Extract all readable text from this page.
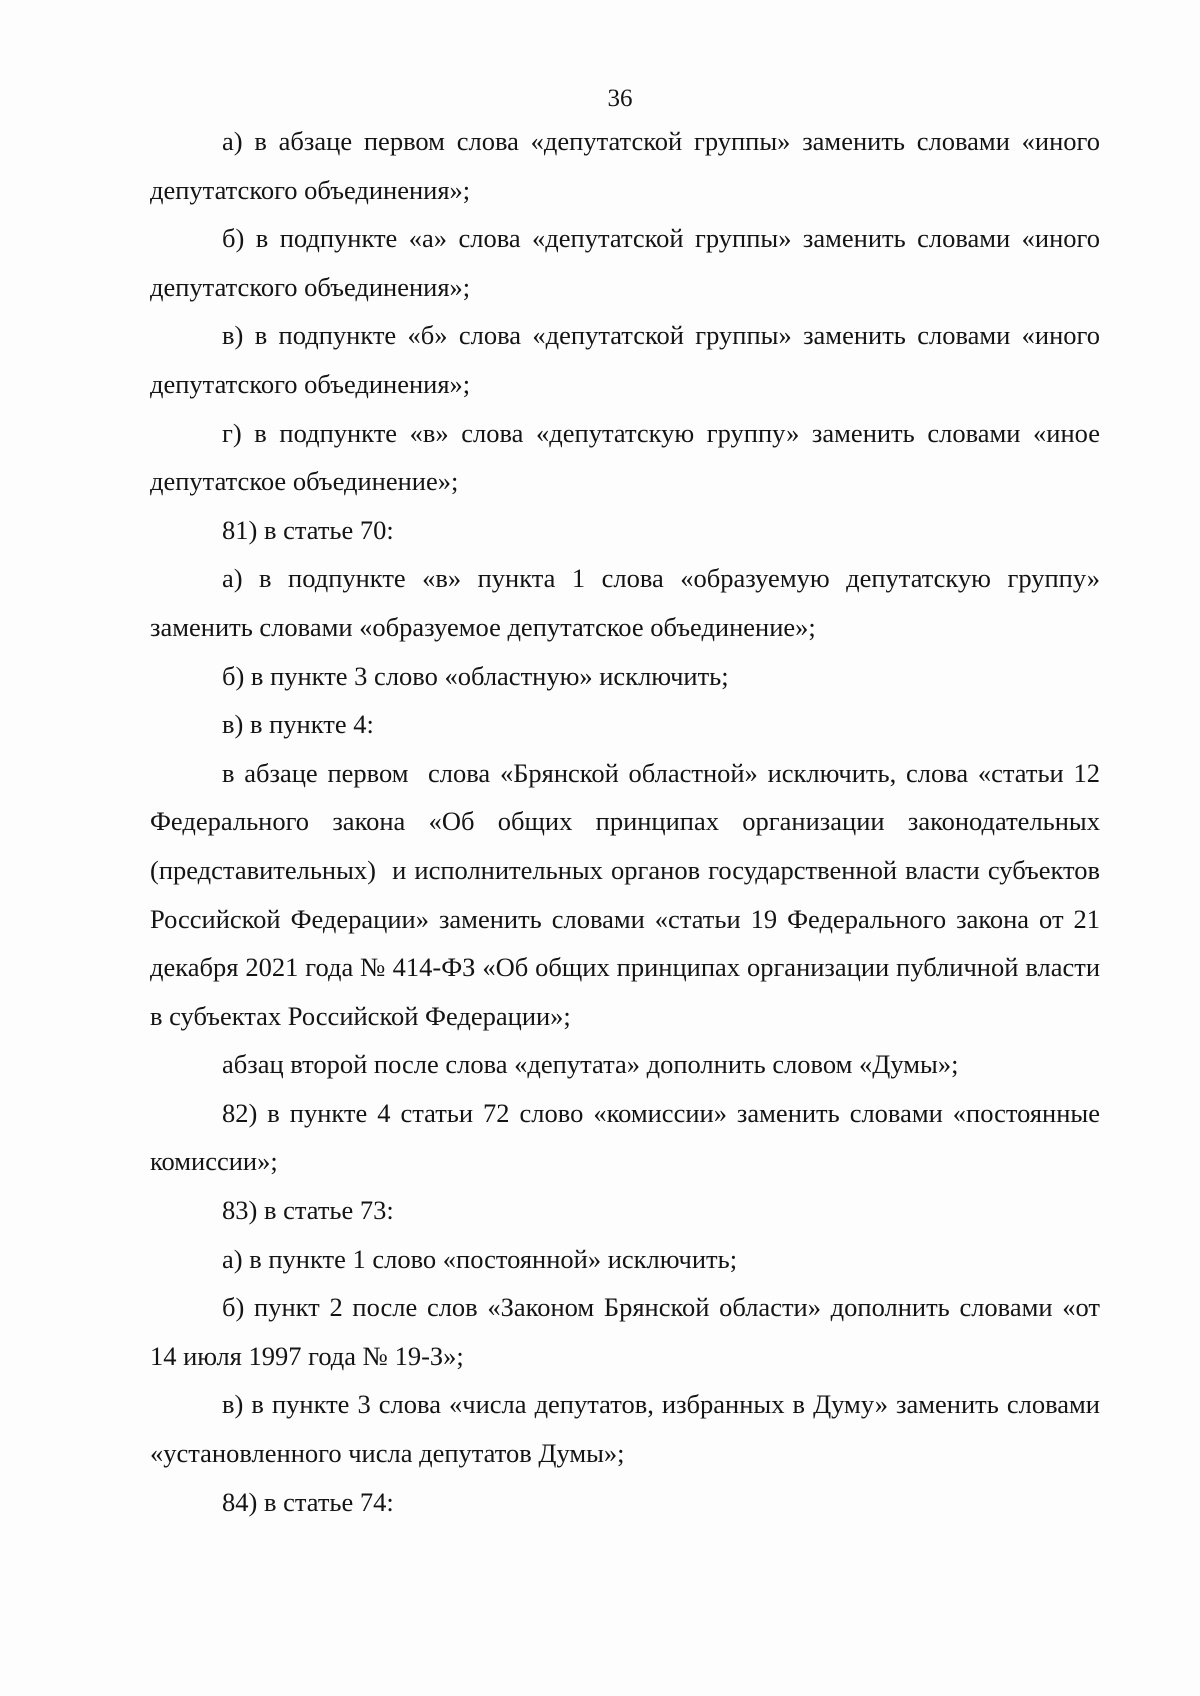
36

а) в абзаце первом слова «депутатской группы» заменить словами «иного депутатского объединения»;

б) в подпункте «а» слова «депутатской группы» заменить словами «иного депутатского объединения»;

в) в подпункте «б» слова «депутатской группы» заменить словами «иного депутатского объединения»;

г) в подпункте «в» слова «депутатскую группу» заменить словами «иное депутатское объединение»;

81) в статье 70:

а) в подпункте «в» пункта 1 слова «образуемую депутатскую группу» заменить словами «образуемое депутатское объединение»;

б) в пункте 3 слово «областную» исключить;

в) в пункте 4:

в абзаце первом  слова «Брянской областной» исключить, слова «статьи 12 Федерального закона «Об общих принципах организации законодательных (представительных)  и исполнительных органов государственной власти субъектов Российской Федерации» заменить словами «статьи 19 Федерального закона от 21 декабря 2021 года № 414-ФЗ «Об общих принципах организации публичной власти в субъектах Российской Федерации»;

абзац второй после слова «депутата» дополнить словом «Думы»;

82) в пункте 4 статьи 72 слово «комиссии» заменить словами «постоянные комиссии»;

83) в статье 73:

а) в пункте 1 слово «постоянной» исключить;

б) пункт 2 после слов «Законом Брянской области» дополнить словами «от 14 июля 1997 года № 19-З»;

в) в пункте 3 слова «числа депутатов, избранных в Думу» заменить словами «установленного числа депутатов Думы»;

84) в статье 74:
